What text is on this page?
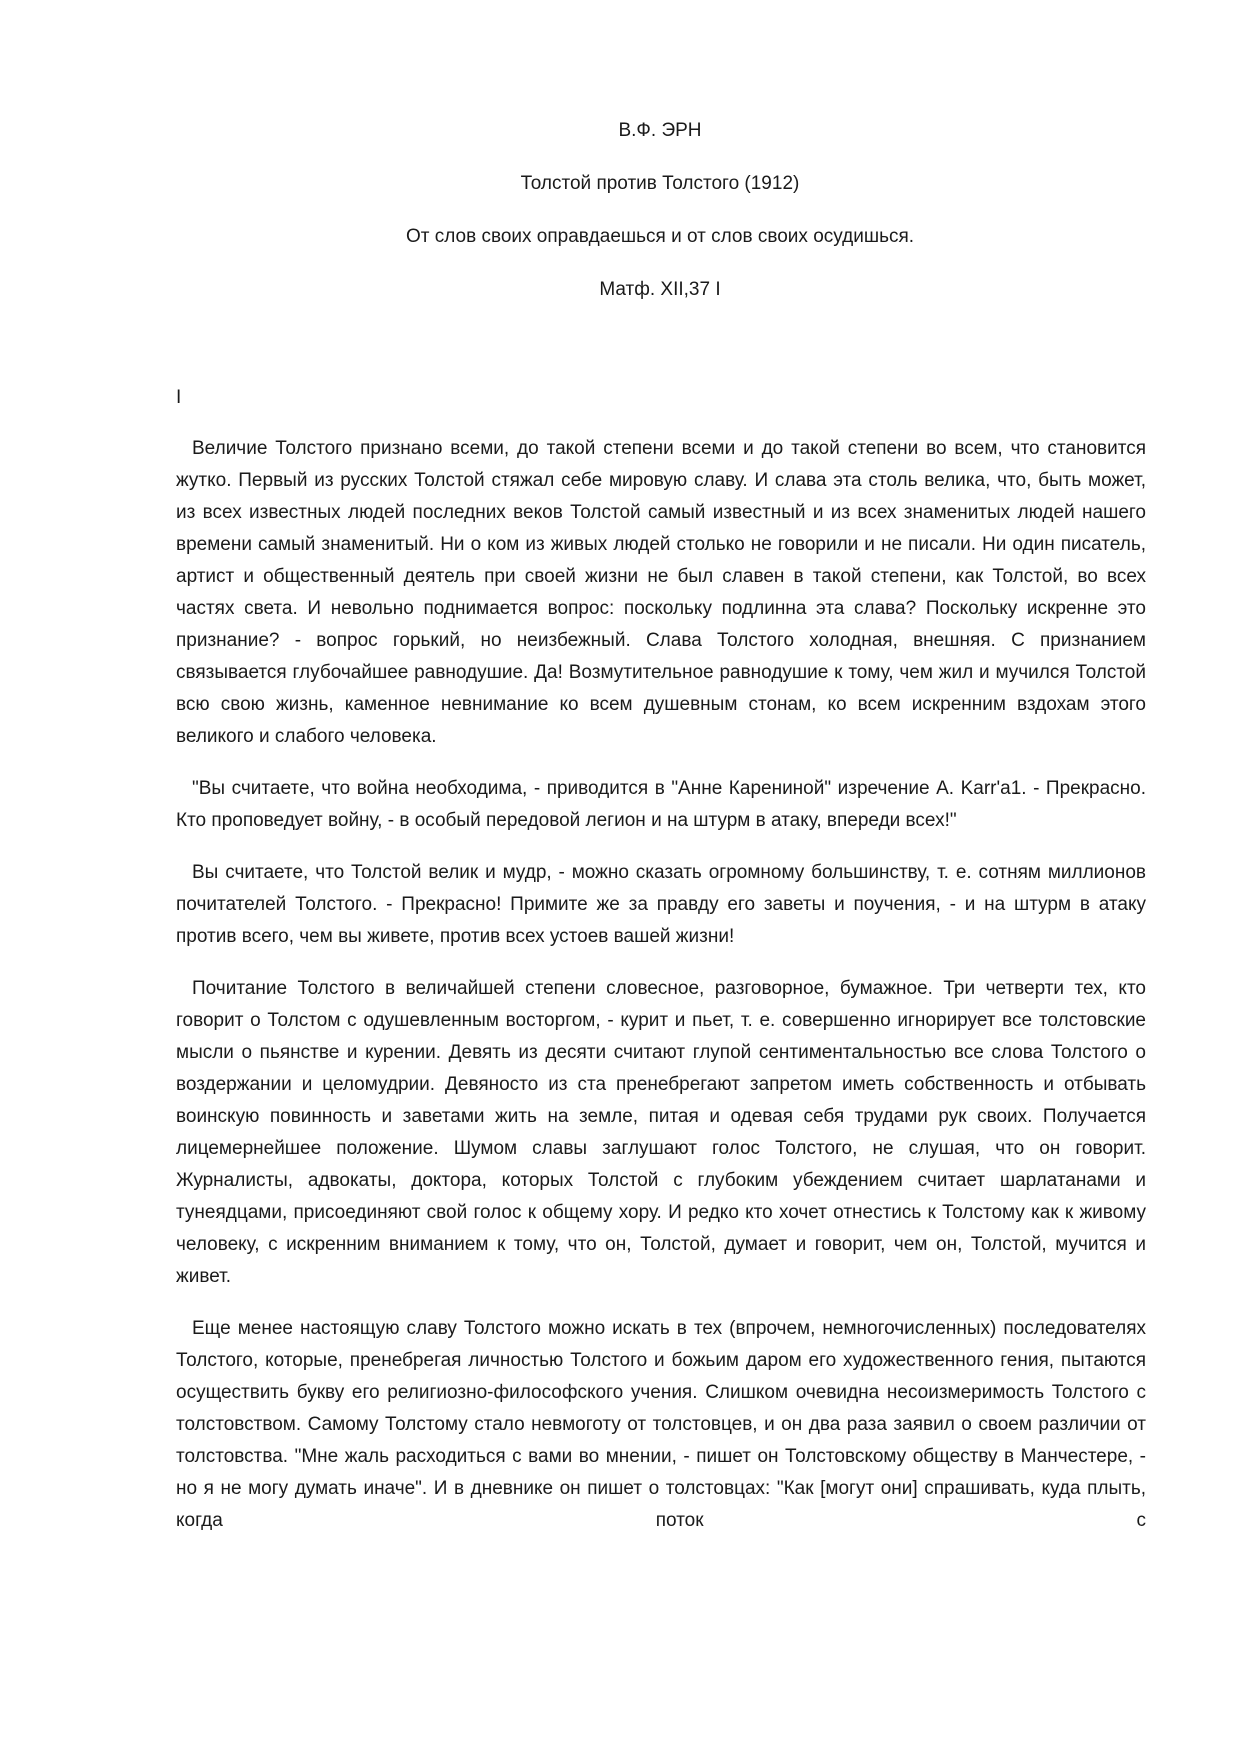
В.Ф. ЭРН
Толстой против Толстого (1912)
От слов своих оправдаешься и от слов своих осудишься.
Матф. XII,37 I
I

Величие Толстого признано всеми, до такой степени всеми и до такой степени во всем, что становится жутко. Первый из русских Толстой стяжал себе мировую славу. И слава эта столь велика, что, быть может, из всех известных людей последних веков Толстой самый известный и из всех знаменитых людей нашего времени самый знаменитый. Ни о ком из живых людей столько не говорили и не писали. Ни один писатель, артист и общественный деятель при своей жизни не был славен в такой степени, как Толстой, во всех частях света. И невольно поднимается вопрос: поскольку подлинна эта слава? Поскольку искренне это признание? - вопрос горький, но неизбежный. Слава Толстого холодная, внешняя. С признанием связывается глубочайшее равнодушие. Да! Возмутительное равнодушие к тому, чем жил и мучился Толстой всю свою жизнь, каменное невнимание ко всем душевным стонам, ко всем искренним вздохам этого великого и слабого человека.

"Вы считаете, что война необходима, - приводится в "Анне Карениной" изречение А. Karr'a1. - Прекрасно. Кто проповедует войну, - в особый передовой легион и на штурм в атаку, впереди всех!"

Вы считаете, что Толстой велик и мудр, - можно сказать огромному большинству, т. е. сотням миллионов почитателей Толстого. - Прекрасно! Примите же за правду его заветы и поучения, - и на штурм в атаку против всего, чем вы живете, против всех устоев вашей жизни!

Почитание Толстого в величайшей степени словесное, разговорное, бумажное. Три четверти тех, кто говорит о Толстом с одушевленным восторгом, - курит и пьет, т. е. совершенно игнорирует все толстовские мысли о пьянстве и курении. Девять из десяти считают глупой сентиментальностью все слова Толстого о воздержании и целомудрии. Девяносто из ста пренебрегают запретом иметь собственность и отбывать воинскую повинность и заветами жить на земле, питая и одевая себя трудами рук своих. Получается лицемернейшее положение. Шумом славы заглушают голос Толстого, не слушая, что он говорит. Журналисты, адвокаты, доктора, которых Толстой с глубоким убеждением считает шарлатанами и тунеядцами, присоединяют свой голос к общему хору. И редко кто хочет отнестись к Толстому как к живому человеку, с искренним вниманием к тому, что он, Толстой, думает и говорит, чем он, Толстой, мучится и живет.

Еще менее настоящую славу Толстого можно искать в тех (впрочем, немногочисленных) последователях Толстого, которые, пренебрегая личностью Толстого и божьим даром его художественного гения, пытаются осуществить букву его религиозно-философского учения. Слишком очевидна несоизмеримость Толстого с толстовством. Самому Толстому стало невмоготу от толстовцев, и он два раза заявил о своем различии от толстовства. "Мне жаль расходиться с вами во мнении, - пишет он Толстовскому обществу в Манчестере, - но я не могу думать иначе". И в дневнике он пишет о толстовцах: "Как [могут они] спрашивать, куда плыть, когда поток с
